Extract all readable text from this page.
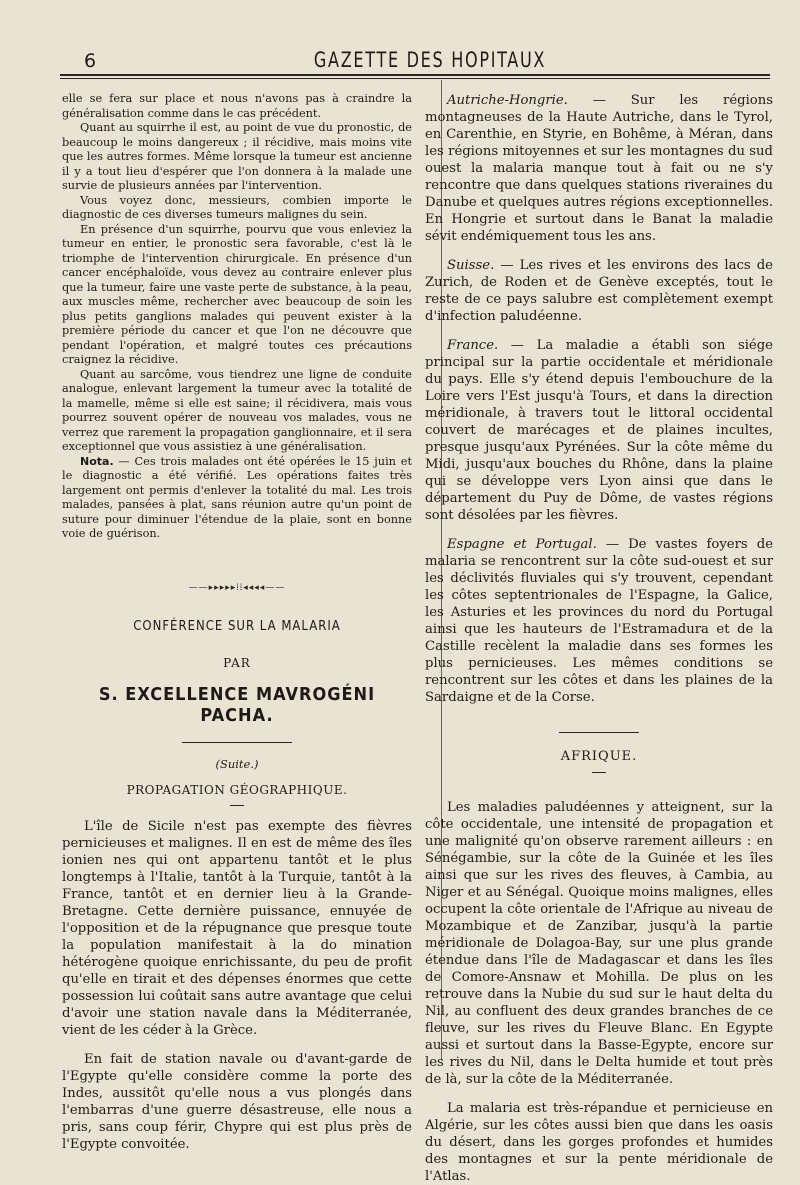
6	GAZETTE DES HOPITAUX

elle se fera sur place et nous n'avons pas à craindre la généralisation comme dans le cas précédent.

Quant au squirrhe il est, au point de vue du pronostic, de beaucoup le moins dangereux ; il récidive, mais moins vite que les autres formes. Même lorsque la tumeur est ancienne il y a tout lieu d'espérer que l'on donnera à la malade une survie de plusieurs années par l'intervention.

Vous voyez donc, messieurs, combien importe le diagnostic de ces diverses tumeurs malignes du sein.

En présence d'un squirrhe, pourvu que vous enleviez la tumeur en entier, le pronostic sera favorable, c'est là le triomphe de l'intervention chirurgicale. En présence d'un cancer encéphaloïde, vous devez au contraire enlever plus que la tumeur, faire une vaste perte de substance, à la peau, aux muscles même, rechercher avec beaucoup de soin les plus petits ganglions malades qui peuvent exister à la première période du cancer et que l'on ne découvre que pendant l'opération, et malgré toutes ces précautions craignez la récidive.

Quant au sarcôme, vous tiendrez une ligne de conduite analogue, enlevant largement la tumeur avec la totalité de la mamelle, même si elle est saine; il récidivera, mais vous pourrez souvent opérer de nouveau vos malades, vous ne verrez que rarement la propagation ganglionnaire, et il sera exceptionnel que vous assistiez à une généralisation.

Nota. — Ces trois malades ont été opérées le 15 juin et le diagnostic a été vérifié. Les opérations faites très largement ont permis d'enlever la totalité du mal. Les trois malades, pansées à plat, sans réunion autre qu'un point de suture pour diminuer l'étendue de la plaie, sont en bonne voie de guérison.

——▸▸▸▸▸⁞⁞◂◂◂◂——
CONFÉRENCE SUR LA MALARIA
PAR
S. EXCELLENCE MAVROGÉNI PACHA.
(Suite.)
PROPAGATION GÉOGRAPHIQUE.

L'île de Sicile n'est pas exempte des fièvres pernicieuses et malignes. Il en est de même des îles ionien nes qui ont appartenu tantôt et le plus longtemps à l'Italie, tantôt à la Turquie, tantôt à la France, tantôt et en dernier lieu à la Grande-Bretagne. Cette dernière puissance, ennuyée de l'opposition et de la répugnance que presque toute la population manifestait à la do mination hétérogène quoique enrichissante, du peu de profit qu'elle en tirait et des dépenses énormes que cette possession lui coûtait sans autre avantage que celui d'avoir une station navale dans la Méditerranée, vient de les céder à la Grèce.

En fait de station navale ou d'avant-garde de l'Egypte qu'elle considère comme la porte des Indes, aussitôt qu'elle nous a vus plongés dans l'embarras d'une guerre désastreuse, elle nous a pris, sans coup férir, Chypre qui est plus près de l'Egypte convoitée.

Autriche-Hongrie. — Sur les régions montagneuses de la Haute Autriche, dans le Tyrol, en Carenthie, en Styrie, en Bohême, à Méran, dans les régions mitoyennes et sur les montagnes du sud ouest la malaria manque tout à fait ou ne s'y rencontre que dans quelques stations riveraines du Danube et quelques autres régions exceptionnelles. En Hongrie et surtout dans le Banat la maladie sévit endémiquement tous les ans.

Suisse. — Les rives et les environs des lacs de Zurich, de Roden et de Genève exceptés, tout le reste de ce pays salubre est complètement exempt d'infection paludéenne.

France. — La maladie a établi son siége principal sur la partie occidentale et méridionale du pays. Elle s'y étend depuis l'embouchure de la Loire vers l'Est jusqu'à Tours, et dans la direction méridionale, à travers tout le littoral occidental couvert de marécages et de plaines incultes, presque jusqu'aux Pyrénées. Sur la côte même du Midi, jusqu'aux bouches du Rhône, dans la plaine qui se développe vers Lyon ainsi que dans le département du Puy de Dôme, de vastes régions sont désolées par les fièvres.

Espagne et Portugal. — De vastes foyers de malaria se rencontrent sur la côte sud-ouest et sur les déclivités fluviales qui s'y trouvent, cependant les côtes septentrionales de l'Espagne, la Galice, les Asturies et les provinces du nord du Portugal ainsi que les hauteurs de l'Estramadura et de la Castille recèlent la maladie dans ses formes les plus pernicieuses. Les mêmes conditions se rencontrent sur les côtes et dans les plaines de la Sardaigne et de la Corse.

AFRIQUE.

Les maladies paludéennes y atteignent, sur la côte occidentale, une intensité de propagation et une malignité qu'on observe rarement ailleurs : en Sénégambie, sur la côte de la Guinée et les îles ainsi que sur les rives des fleuves, à Cambia, au Niger et au Sénégal. Quoique moins malignes, elles occupent la côte orientale de l'Afrique au niveau de Mozambique et de Zanzibar, jusqu'à la partie méridionale de Dolagoa-Bay, sur une plus grande étendue dans l'île de Madagascar et dans les îles de Comore-Ansnaw et Mohilla. De plus on les retrouve dans la Nubie du sud sur le haut delta du Nil, au confluent des deux grandes branches de ce fleuve, sur les rives du Fleuve Blanc. En Egypte aussi et surtout dans la Basse-Egypte, encore sur les rives du Nil, dans le Delta humide et tout près de là, sur la côte de la Méditerranée.

La malaria est très-répandue et pernicieuse en Algérie, sur les côtes aussi bien que dans les oasis du désert, dans les gorges profondes et humides des montagnes et sur la pente méridionale de l'Atlas.
